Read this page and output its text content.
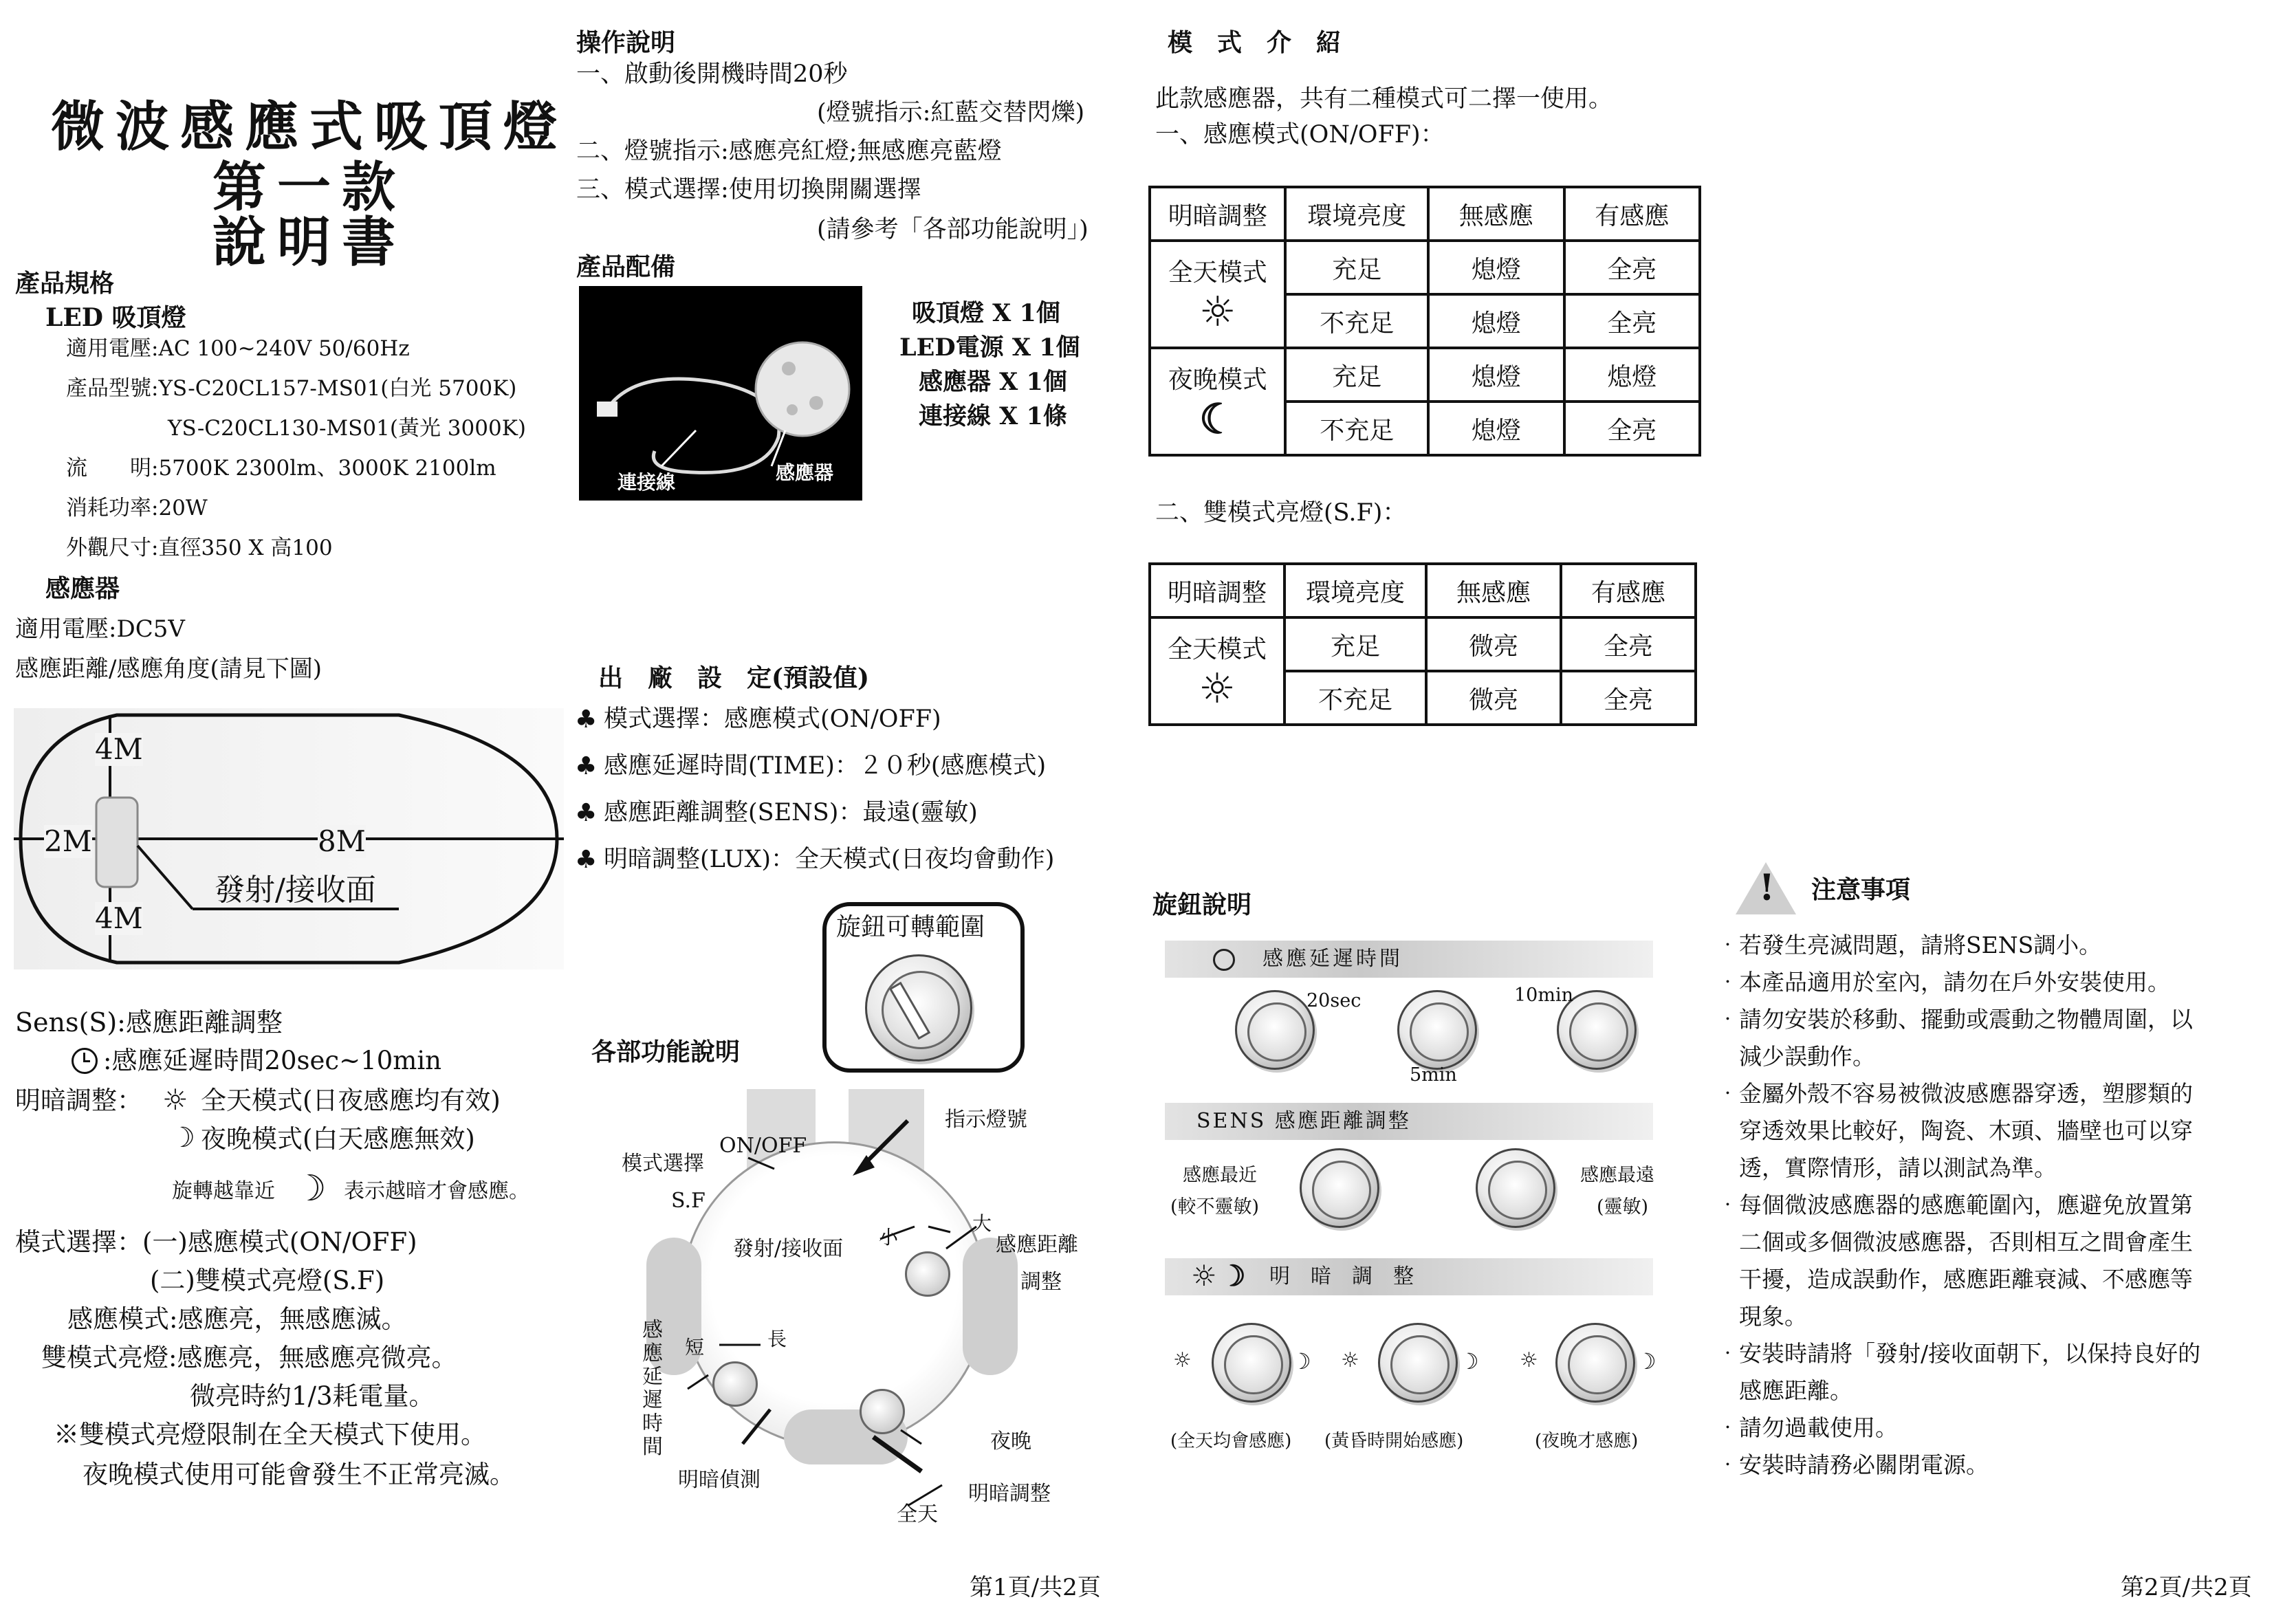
微波感應式吸頂燈
第一款
說明書
產品規格
LED 吸頂燈
適用電壓:AC 100~240V 50/60Hz
產品型號:YS-C20CL157-MS01(白光 5700K)
YS-C20CL130-MS01(黃光 3000K)
流　　明:5700K 2300lm、3000K 2100lm
消耗功率:20W
外觀尺寸:直徑350 X 高100
感應器
適用電壓:DC5V
感應距離/感應角度(請見下圖)
4M
2M	8M
4M
發射/接收面
Sens(S):感應距離調整
:感應延遲時間20sec~10min
明暗調整： ☼ 全天模式(日夜感應均有效)
☽ 夜晚模式(白天感應無效)
旋轉越靠近 ☽ 表示越暗才會感應。
模式選擇：(一)感應模式(ON/OFF)
(二)雙模式亮燈(S.F)
感應模式:感應亮，無感應滅。
雙模式亮燈:感應亮，無感應亮微亮。
微亮時約1/3耗電量。
※雙模式亮燈限制在全天模式下使用。
夜晚模式使用可能會發生不正常亮滅。
操作說明
一、啟動後開機時間20秒
(燈號指示:紅藍交替閃爍)
二、燈號指示:感應亮紅燈;無感應亮藍燈
三、模式選擇:使用切換開關選擇
(請參考「各部功能說明」)
產品配備
連接線	感應器
吸頂燈 X 1個
LED電源 X 1個
感應器 X 1個
連接線 X 1條
出　廠　設　定(預設值)
♣ 模式選擇：感應模式(ON/OFF)
♣ 感應延遲時間(TIME)：２０秒(感應模式)
♣ 感應距離調整(SENS)：最遠(靈敏)
♣ 明暗調整(LUX)：全天模式(日夜均會動作)
旋鈕可轉範圍
各部功能說明
指示燈號
ON/OFF
模式選擇
S.F
發射/接收面 小
大
感應距離
調整
短	長
感應延遲時間	夜晚
明暗偵測
明暗調整
全天
第1頁/共2頁
模　式　介　紹
此款感應器，共有二種模式可二擇一使用。
一、感應模式(ON/OFF)：
明暗調整	環境亮度	無感應	有感應

全天模式
☼	充足	熄燈	全亮
	不充足	熄燈	全亮

夜晚模式
☾	充足	熄燈	熄燈
	不充足	熄燈	全亮
二、雙模式亮燈(S.F)：
明暗調整	環境亮度	無感應	有感應

全天模式
☼	充足	微亮	全亮
	不充足	微亮	全亮
旋鈕說明
感應延遲時間
20sec
5min
10min
SENS 感應距離調整
感應最近
(較不靈敏)
感應最遠
(靈敏)
☼ ☽ 明　暗　調　整
☼	☽ ☼	☽ ☼	☽
(全天均會感應) (黃昏時開始感應)	(夜晚才感應)
! 注意事項
‧若發生亮滅問題，請將SENS調小。
‧本產品適用於室內，請勿在戶外安裝使用。
‧請勿安裝於移動、擺動或震動之物體周圍，以
　減少誤動作。
‧金屬外殼不容易被微波感應器穿透，塑膠類的
　穿透效果比較好，陶瓷、木頭、牆壁也可以穿
　透，實際情形，請以測試為準。
‧每個微波感應器的感應範圍內，應避免放置第
　二個或多個微波感應器，否則相互之間會產生
　干擾，造成誤動作，感應距離衰減、不感應等
　現象。
‧安裝時請將「發射/接收面朝下，以保持良好的
　感應距離。
‧請勿過載使用。
‧安裝時請務必關閉電源。
第2頁/共2頁
